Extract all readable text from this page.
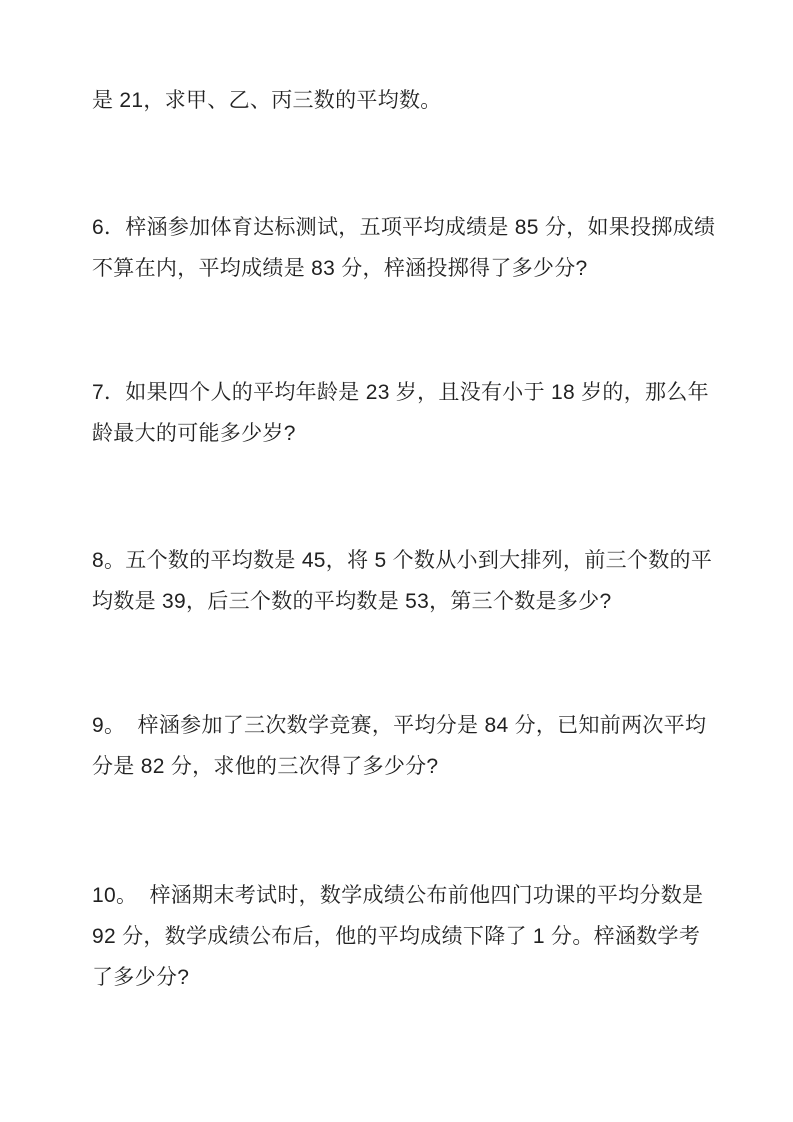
是 21，求甲、乙、丙三数的平均数。
6．梓涵参加体育达标测试，五项平均成绩是 85 分，如果投掷成绩
不算在内，平均成绩是 83 分，梓涵投掷得了多少分?
7．如果四个人的平均年龄是 23 岁，且没有小于 18 岁的，那么年
龄最大的可能多少岁?
8。五个数的平均数是 45，将 5 个数从小到大排列，前三个数的平
均数是 39，后三个数的平均数是 53，第三个数是多少?
9。  梓涵参加了三次数学竞赛，平均分是 84 分，已知前两次平均
分是 82 分，求他的三次得了多少分?
10。  梓涵期末考试时，数学成绩公布前他四门功课的平均分数是
92 分，数学成绩公布后，他的平均成绩下降了 1 分。梓涵数学考
了多少分?
